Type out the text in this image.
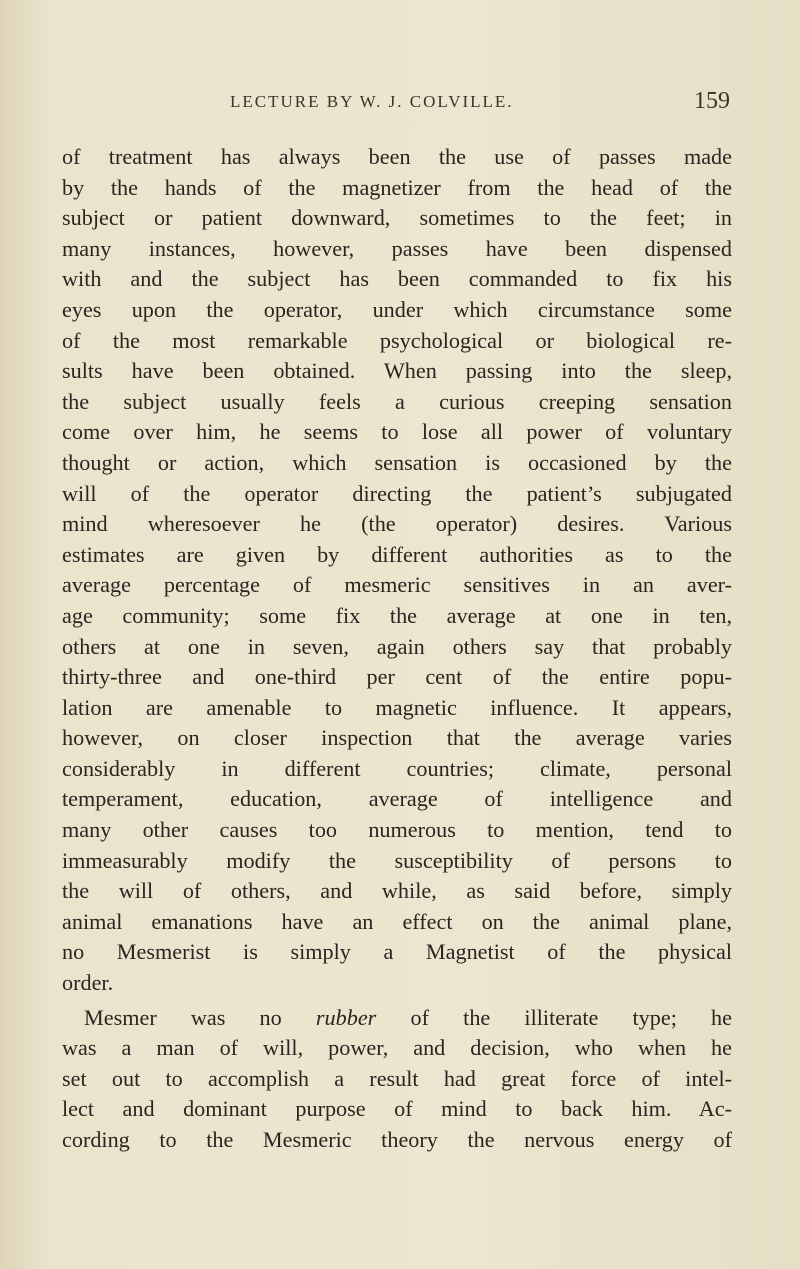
LECTURE BY W. J. COLVILLE.	159

of treatment has always been the use of passes made
by the hands of the magnetizer from the head of the
subject or patient downward, sometimes to the feet; in
many instances, however, passes have been dispensed
with and the subject has been commanded to fix his
eyes upon the operator, under which circumstance some
of the most remarkable psychological or biological re-
sults have been obtained. When passing into the sleep,
the subject usually feels a curious creeping sensation
come over him, he seems to lose all power of voluntary
thought or action, which sensation is occasioned by the
will of the operator directing the patient’s subjugated
mind wheresoever he (the operator) desires. Various
estimates are given by different authorities as to the
average percentage of mesmeric sensitives in an aver-
age community; some fix the average at one in ten,
others at one in seven, again others say that probably
thirty-three and one-third per cent of the entire popu-
lation are amenable to magnetic influence. It appears,
however, on closer inspection that the average varies
considerably in different countries; climate, personal
temperament, education, average of intelligence and
many other causes too numerous to mention, tend to
immeasurably modify the susceptibility of persons to
the will of others, and while, as said before, simply
animal emanations have an effect on the animal plane,
no Mesmerist is simply a Magnetist of the physical
order.

Mesmer was no rubber of the illiterate type; he
was a man of will, power, and decision, who when he
set out to accomplish a result had great force of intel-
lect and dominant purpose of mind to back him. Ac-
cording to the Mesmeric theory the nervous energy of
